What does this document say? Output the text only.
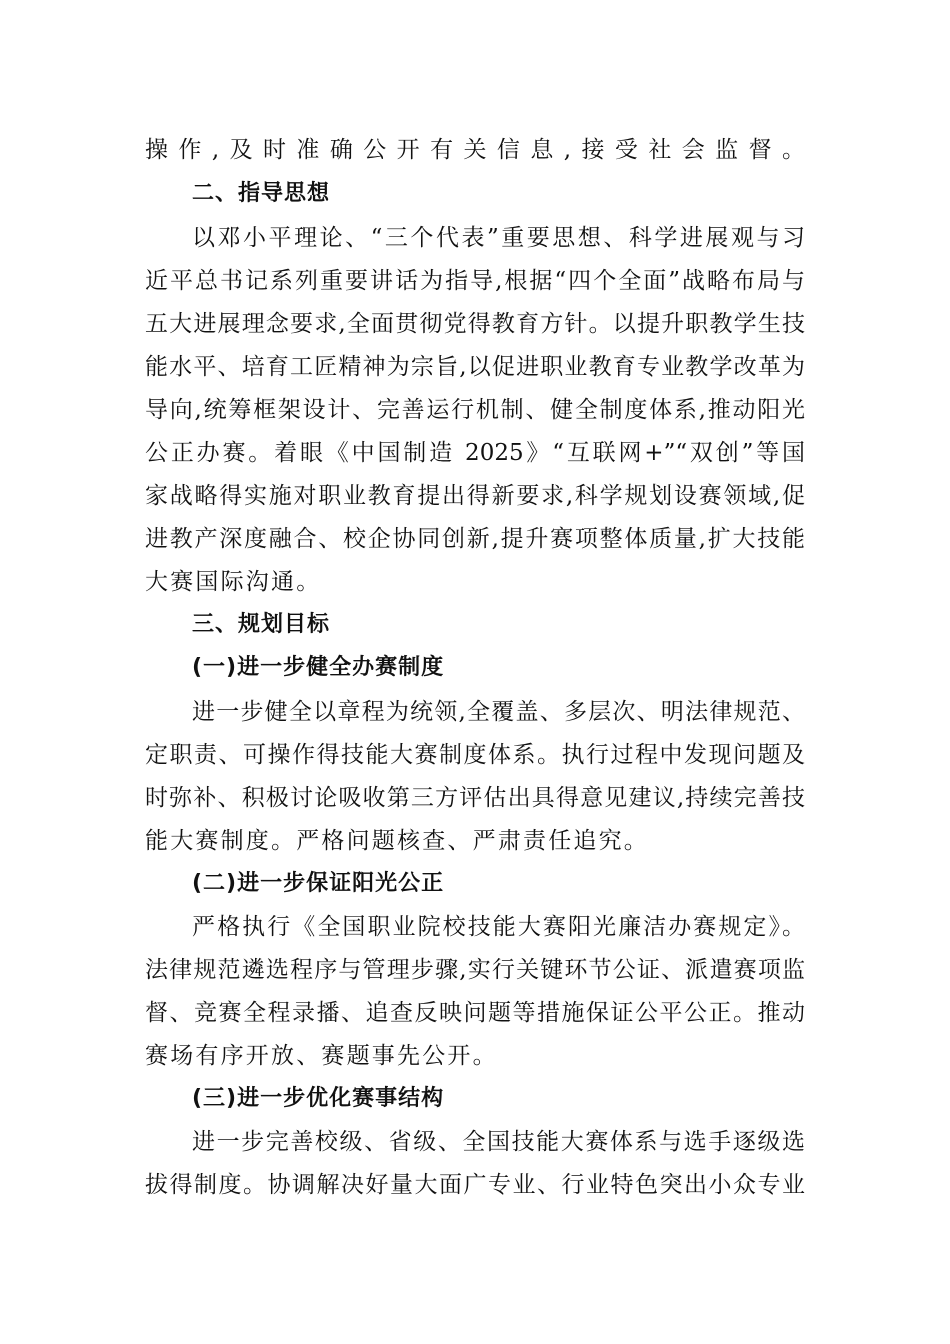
操作,及时准确公开有关信息,接受社会监督。
二、指导思想
以邓小平理论、“三个代表”重要思想、科学进展观与习
近平总书记系列重要讲话为指导,根据“四个全面”战略布局与
五大进展理念要求,全面贯彻党得教育方针。以提升职教学生技
能水平、培育工匠精神为宗旨,以促进职业教育专业教学改革为
导向,统筹框架设计、完善运行机制、健全制度体系,推动阳光
公正办赛。着眼《中国制造 2025》“互联网+”“双创”等国
家战略得实施对职业教育提出得新要求,科学规划设赛领域,促
进教产深度融合、校企协同创新,提升赛项整体质量,扩大技能
大赛国际沟通。
三、规划目标
(一)进一步健全办赛制度
进一步健全以章程为统领,全覆盖、多层次、明法律规范、
定职责、可操作得技能大赛制度体系。执行过程中发现问题及
时弥补、积极讨论吸收第三方评估出具得意见建议,持续完善技
能大赛制度。严格问题核查、严肃责任追究。
(二)进一步保证阳光公正
严格执行《全国职业院校技能大赛阳光廉洁办赛规定》。
法律规范遴选程序与管理步骤,实行关键环节公证、派遣赛项监
督、竞赛全程录播、追查反映问题等措施保证公平公正。推动
赛场有序开放、赛题事先公开。
(三)进一步优化赛事结构
进一步完善校级、省级、全国技能大赛体系与选手逐级选
拔得制度。协调解决好量大面广专业、行业特色突出小众专业
